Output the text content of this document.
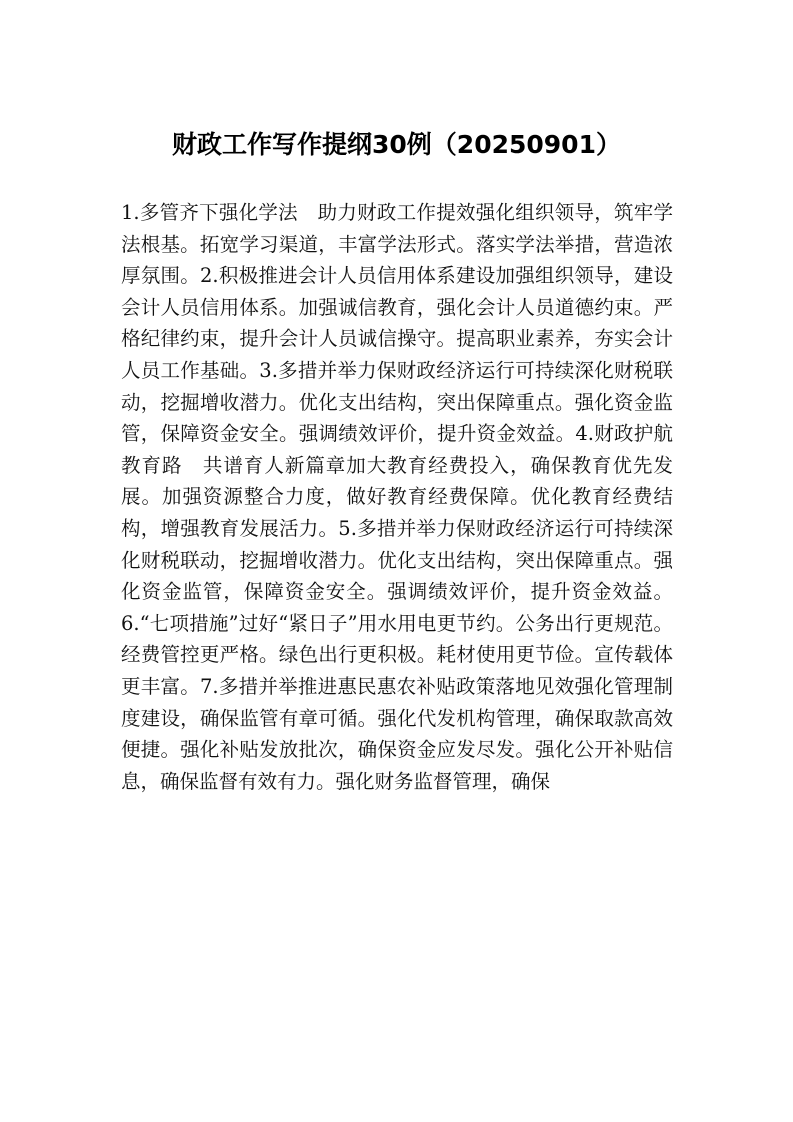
财政工作写作提纲30例（20250901）

1.多管齐下强化学法　助力财政工作提效强化组织领导，筑牢学法根基。拓宽学习渠道，丰富学法形式。落实学法举措，营造浓厚氛围。2.积极推进会计人员信用体系建设加强组织领导，建设会计人员信用体系。加强诚信教育，强化会计人员道德约束。严格纪律约束，提升会计人员诚信操守。提高职业素养，夯实会计人员工作基础。3.多措并举力保财政经济运行可持续深化财税联动，挖掘增收潜力。优化支出结构，突出保障重点。强化资金监管，保障资金安全。强调绩效评价，提升资金效益。4.财政护航教育路　共谱育人新篇章加大教育经费投入，确保教育优先发展。加强资源整合力度，做好教育经费保障。优化教育经费结构，增强教育发展活力。5.多措并举力保财政经济运行可持续深化财税联动，挖掘增收潜力。优化支出结构，突出保障重点。强化资金监管，保障资金安全。强调绩效评价，提升资金效益。6.“七项措施”过好“紧日子”用水用电更节约。公务出行更规范。经费管控更严格。绿色出行更积极。耗材使用更节俭。宣传载体更丰富。7.多措并举推进惠民惠农补贴政策落地见效强化管理制度建设，确保监管有章可循。强化代发机构管理，确保取款高效便捷。强化补贴发放批次，确保资金应发尽发。强化公开补贴信息，确保监督有效有力。强化财务监督管理，确保
